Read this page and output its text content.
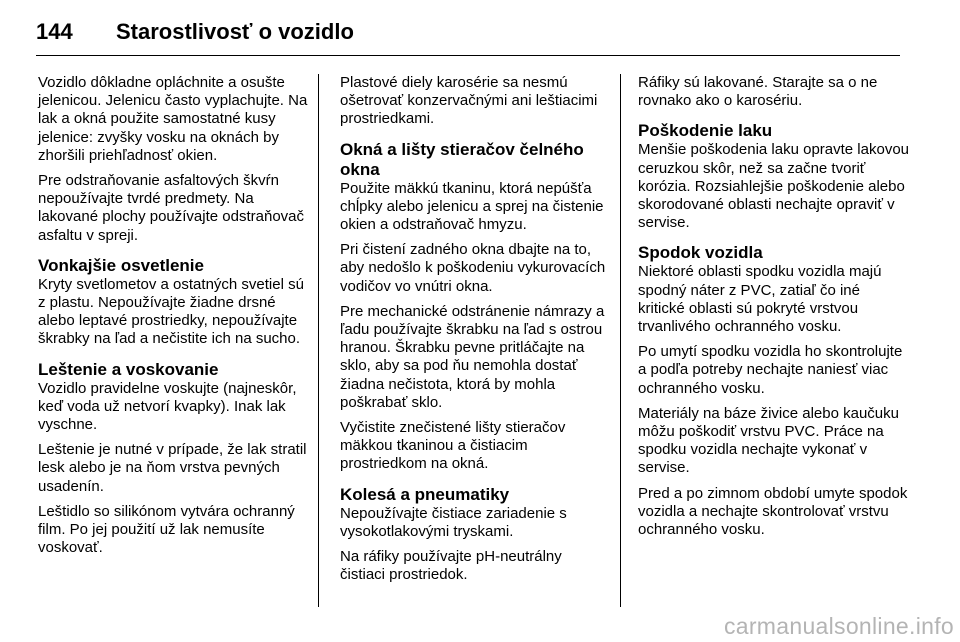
144	Starostlivosť o vozidlo

Vozidlo dôkladne opláchnite a osušte jelenicou. Jelenicu často vyplachujte. Na lak a okná použite samostatné kusy jelenice: zvyšky vosku na oknách by zhoršili priehľadnosť okien.

Pre odstraňovanie asfaltových škvŕn nepoužívajte tvrdé predmety. Na lakované plochy používajte odstraňovač asfaltu v spreji.

Vonkajšie osvetlenie

Kryty svetlometov a ostatných svetiel sú z plastu. Nepoužívajte žiadne drsné alebo leptavé prostriedky, nepoužívajte škrabky na ľad a nečistite ich na sucho.

Leštenie a voskovanie

Vozidlo pravidelne voskujte (najneskôr, keď voda už netvorí kvapky). Inak lak vyschne.

Leštenie je nutné v prípade, že lak stratil lesk alebo je na ňom vrstva pevných usadenín.

Leštidlo so silikónom vytvára ochranný film. Po jej použití už lak nemusíte voskovať.

Plastové diely karosérie sa nesmú ošetrovať konzervačnými ani leštiacimi prostriedkami.

Okná a lišty stieračov čelného okna

Použite mäkkú tkaninu, ktorá nepúšťa chĺpky alebo jelenicu a sprej na čistenie okien a odstraňovač hmyzu.

Pri čistení zadného okna dbajte na to, aby nedošlo k poškodeniu vykurovacích vodičov vo vnútri okna.

Pre mechanické odstránenie námrazy a ľadu používajte škrabku na ľad s ostrou hranou. Škrabku pevne pritláčajte na sklo, aby sa pod ňu nemohla dostať žiadna nečistota, ktorá by mohla poškrabať sklo.

Vyčistite znečistené lišty stieračov mäkkou tkaninou a čistiacim prostriedkom na okná.

Kolesá a pneumatiky

Nepoužívajte čistiace zariadenie s vysokotlakovými tryskami.

Na ráfiky používajte pH-neutrálny čistiaci prostriedok.

Ráfiky sú lakované. Starajte sa o ne rovnako ako o karosériu.

Poškodenie laku

Menšie poškodenia laku opravte lakovou ceruzkou skôr, než sa začne tvoriť korózia. Rozsiahlejšie poškodenie alebo skorodované oblasti nechajte opraviť v servise.

Spodok vozidla

Niektoré oblasti spodku vozidla majú spodný náter z PVC, zatiaľ čo iné kritické oblasti sú pokryté vrstvou trvanlivého ochranného vosku.

Po umytí spodku vozidla ho skontrolujte a podľa potreby nechajte naniesť viac ochranného vosku.

Materiály na báze živice alebo kaučuku môžu poškodiť vrstvu PVC. Práce na spodku vozidla nechajte vykonať v servise.

Pred a po zimnom období umyte spodok vozidla a nechajte skontrolovať vrstvu ochranného vosku.

carmanualsonline.info
